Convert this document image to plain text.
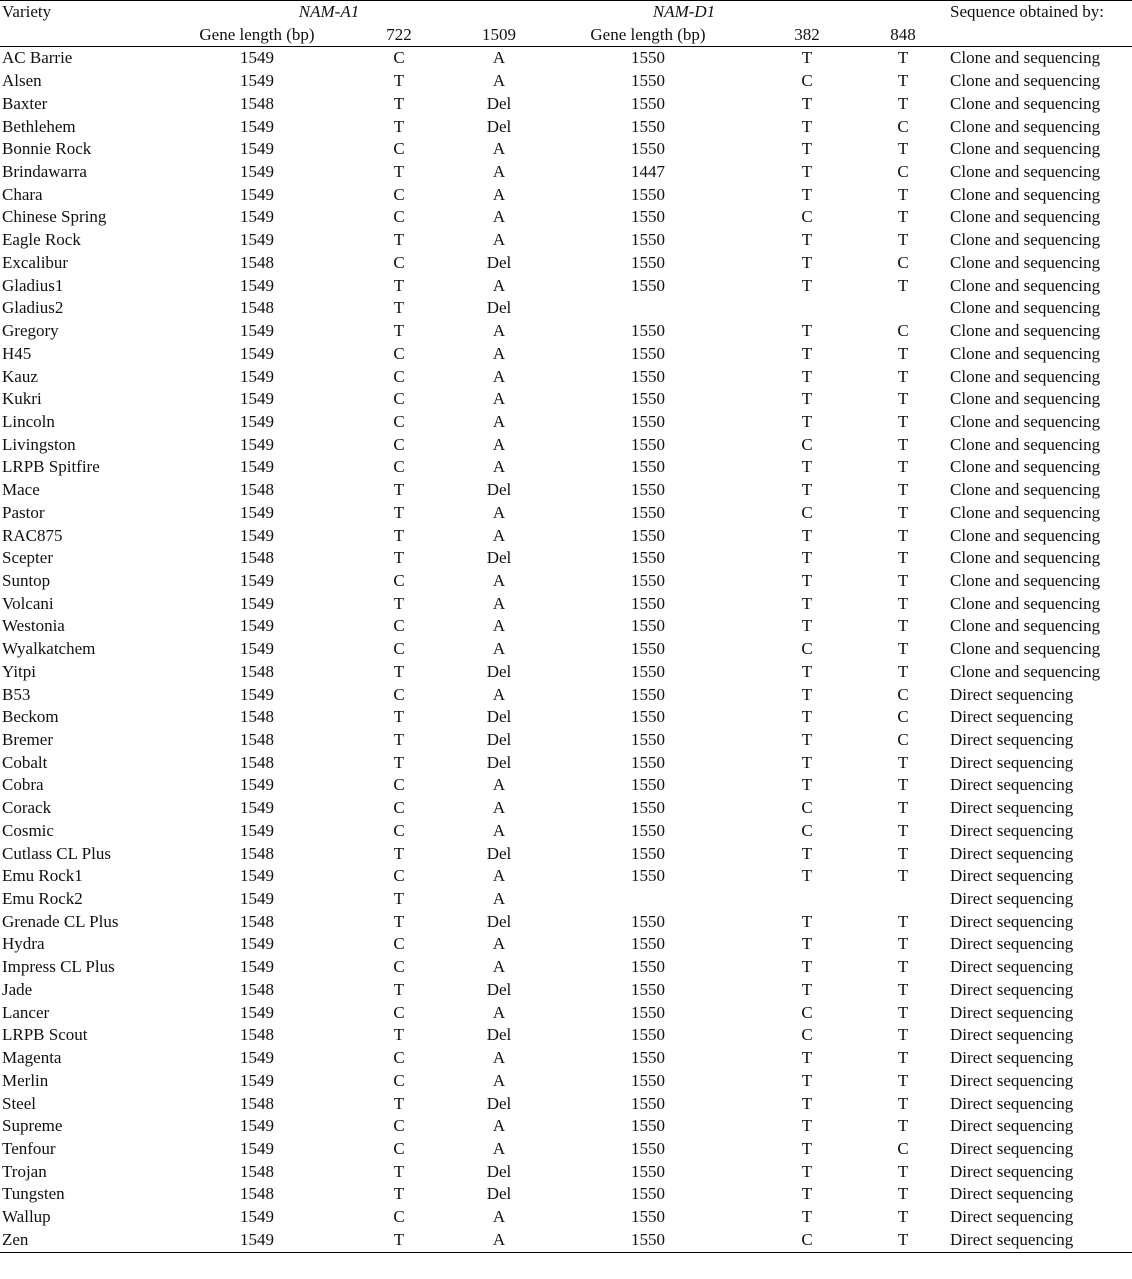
Variety	NAM-A1			NAM-D1			Sequence obtained by:
	Gene length (bp)	722	1509	Gene length (bp)	382	848	
AC Barrie	1549	C	A	1550	T	T	Clone and sequencing
Alsen	1549	T	A	1550	C	T	Clone and sequencing
Baxter	1548	T	Del	1550	T	T	Clone and sequencing
Bethlehem	1549	T	Del	1550	T	C	Clone and sequencing
Bonnie Rock	1549	C	A	1550	T	T	Clone and sequencing
Brindawarra	1549	T	A	1447	T	C	Clone and sequencing
Chara	1549	C	A	1550	T	T	Clone and sequencing
Chinese Spring	1549	C	A	1550	C	T	Clone and sequencing
Eagle Rock	1549	T	A	1550	T	T	Clone and sequencing
Excalibur	1548	C	Del	1550	T	C	Clone and sequencing
Gladius1	1549	T	A	1550	T	T	Clone and sequencing
Gladius2	1548	T	Del				Clone and sequencing
Gregory	1549	T	A	1550	T	C	Clone and sequencing
H45	1549	C	A	1550	T	T	Clone and sequencing
Kauz	1549	C	A	1550	T	T	Clone and sequencing
Kukri	1549	C	A	1550	T	T	Clone and sequencing
Lincoln	1549	C	A	1550	T	T	Clone and sequencing
Livingston	1549	C	A	1550	C	T	Clone and sequencing
LRPB Spitfire	1549	C	A	1550	T	T	Clone and sequencing
Mace	1548	T	Del	1550	T	T	Clone and sequencing
Pastor	1549	T	A	1550	C	T	Clone and sequencing
RAC875	1549	T	A	1550	T	T	Clone and sequencing
Scepter	1548	T	Del	1550	T	T	Clone and sequencing
Suntop	1549	C	A	1550	T	T	Clone and sequencing
Volcani	1549	T	A	1550	T	T	Clone and sequencing
Westonia	1549	C	A	1550	T	T	Clone and sequencing
Wyalkatchem	1549	C	A	1550	C	T	Clone and sequencing
Yitpi	1548	T	Del	1550	T	T	Clone and sequencing
B53	1549	C	A	1550	T	C	Direct sequencing
Beckom	1548	T	Del	1550	T	C	Direct sequencing
Bremer	1548	T	Del	1550	T	C	Direct sequencing
Cobalt	1548	T	Del	1550	T	T	Direct sequencing
Cobra	1549	C	A	1550	T	T	Direct sequencing
Corack	1549	C	A	1550	C	T	Direct sequencing
Cosmic	1549	C	A	1550	C	T	Direct sequencing
Cutlass CL Plus	1548	T	Del	1550	T	T	Direct sequencing
Emu Rock1	1549	C	A	1550	T	T	Direct sequencing
Emu Rock2	1549	T	A				Direct sequencing
Grenade CL Plus	1548	T	Del	1550	T	T	Direct sequencing
Hydra	1549	C	A	1550	T	T	Direct sequencing
Impress CL Plus	1549	C	A	1550	T	T	Direct sequencing
Jade	1548	T	Del	1550	T	T	Direct sequencing
Lancer	1549	C	A	1550	C	T	Direct sequencing
LRPB Scout	1548	T	Del	1550	C	T	Direct sequencing
Magenta	1549	C	A	1550	T	T	Direct sequencing
Merlin	1549	C	A	1550	T	T	Direct sequencing
Steel	1548	T	Del	1550	T	T	Direct sequencing
Supreme	1549	C	A	1550	T	T	Direct sequencing
Tenfour	1549	C	A	1550	T	C	Direct sequencing
Trojan	1548	T	Del	1550	T	T	Direct sequencing
Tungsten	1548	T	Del	1550	T	T	Direct sequencing
Wallup	1549	C	A	1550	T	T	Direct sequencing
Zen	1549	T	A	1550	C	T	Direct sequencing
